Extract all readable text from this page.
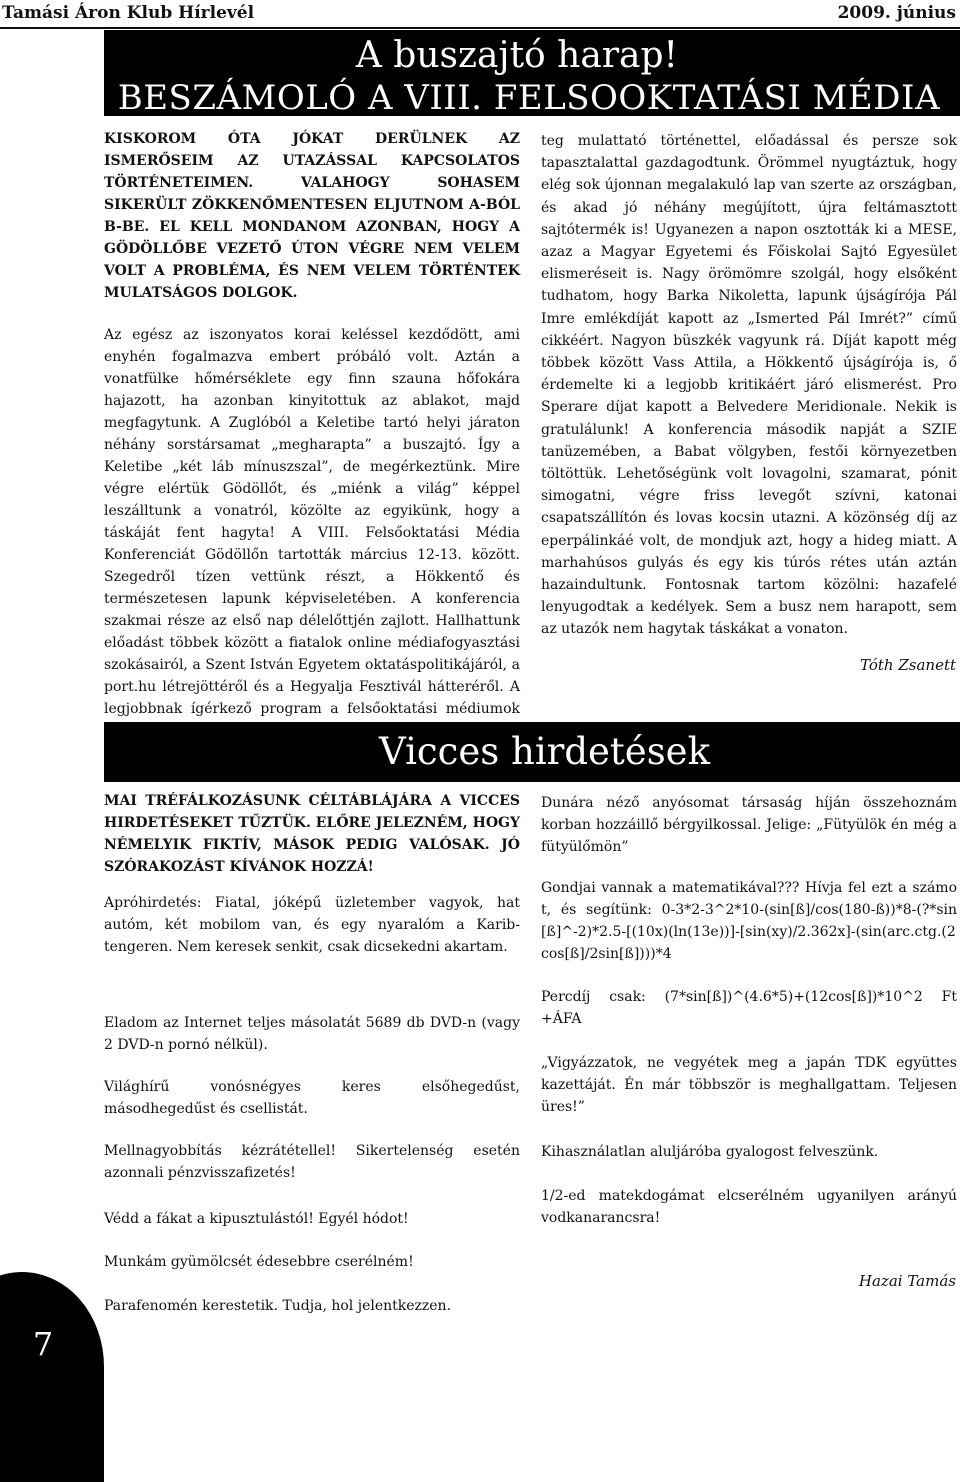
Tamási Áron Klub Hírlevél	2009. június
A buszajtó harap!
BESZÁMOLÓ A VIII. FELSOOKTATÁSI MÉDIA
KISKOROM ÓTA JÓKAT DERÜLNEK AZ ISMERŐSEIM AZ UTAZÁSSAL KAPCSOLATOS TÖRTÉNETEIMEN. VALAHOGY SOHASEM SIKERÜLT ZÖKKENŐMENTESEN ELJUTNOM A-BÓL B-BE. EL KELL MONDANOM AZONBAN, HOGY A GÖDÖLLŐBE VEZETŐ ÚTON VÉGRE NEM VELEM VOLT A PROBLÉMA, ÉS NEM VELEM TÖRTÉNTEK MULATSÁGOS DOLGOK.

Az egész az iszonyatos korai keléssel kezdődött, ami enyhén fogalmazva embert próbáló volt. Aztán a vonatfülke hőmérséklete egy finn szauna hőfokára hajazott, ha azonban kinyitottuk az ablakot, majd megfagytunk. A Zuglóból a Keletibe tartó helyi járaton néhány sorstársamat „megharapta” a buszajtó. Így a Keletibe „két láb mínuszszal”, de megérkeztünk. Mire végre elértük Gödöllőt, és „miénk a világ” képpel leszálltunk a vonatról, közölte az egyikünk, hogy a táskáját fent hagyta! A VIII. Felsőoktatási Média Konferenciát Gödöllőn tartották március 12-13. között. Szegedről tízen vettünk részt, a Hökkentő és természetesen lapunk képviseletében. A konferencia szakmai része az első nap délelőttjén zajlott. Hallhattunk előadást többek között a fiatalok online médiafogyasztási szokásairól, a Szent István Egyetem oktatáspolitikájáról, a port.hu létrejöttéről és a Hegyalja Fesztivál hátteréről. A legjobbnak ígérkező program a felsőoktatási médiumok

teg mulattató történettel, előadással és persze sok tapasztalattal gazdagodtunk. Örömmel nyugtáztuk, hogy elég sok újonnan megalakuló lap van szerte az országban, és akad jó néhány megújított, újra feltámasztott sajtótermék is! Ugyanezen a napon osztották ki a MESE, azaz a Magyar Egyetemi és Főiskolai Sajtó Egyesület elismeréseit is. Nagy örömömre szolgál, hogy elsőként tudhatom, hogy Barka Nikoletta, lapunk újságírója Pál Imre emlékdíját kapott az „Ismerted Pál Imrét?” című cikkéért. Nagyon büszkék vagyunk rá. Díját kapott még többek között Vass Attila, a Hökkentő újságírója is, ő érdemelte ki a legjobb kritikáért járó elismerést. Pro Sperare díjat kapott a Belvedere Meridionale. Nekik is gratulálunk! A konferencia második napját a SZIE tanüzemében, a Babat völgyben, festői környezetben töltöttük. Lehetőségünk volt lovagolni, szamarat, pónit simogatni, végre friss levegőt szívni, katonai csapatszállítón és lovas kocsin utazni. A közönség díj az eperpálinkáé volt, de mondjuk azt, hogy a hideg miatt. A marhahúsos gulyás és egy kis túrós rétes után aztán hazaindultunk. Fontosnak tartom közölni: hazafelé lenyugodtak a kedélyek. Sem a busz nem harapott, sem az utazók nem hagytak táskákat a vonaton.

Tóth Zsanett
Vicces hirdetések
MAI TRÉFÁLKOZÁSUNK CÉLTÁBLÁJÁRA A VICCES HIRDETÉSEKET TŰZTÜK. ELŐRE JELEZNÉM, HOGY NÉMELYIK FIKTÍV, MÁSOK PEDIG VALÓSAK. JÓ SZÓRAKOZÁST KÍVÁNOK HOZZÁ!

Apróhirdetés: Fiatal, jóképű üzletember vagyok, hat autóm, két mobilom van, és egy nyaralóm a Karib-tengeren. Nem keresek senkit, csak dicsekedni akartam.

Eladom az Internet teljes másolatát 5689 db DVD-n (vagy 2 DVD-n pornó nélkül).

Világhírű vonósnégyes keres elsőhegedűst, másodhegedűst és csellistát.

Mellnagyobbítás kézrátétellel! Sikertelenség esetén azonnali pénzvisszafizetés!

Védd a fákat a kipusztulástól! Egyél hódot!

Munkám gyümölcsét édesebbre cserélném!

Parafenomén kerestetik. Tudja, hol jelentkezzen.

Dunára néző anyósomat társaság híján összehoznám korban hozzáillő bérgyilkossal. Jelige: „Fütyülök én még a fütyülőmön”

Gondjai vannak a matematikával??? Hívja fel ezt a számot, és segítünk: 0-3*2-3^2*10-(sin[ß]/cos(180-ß))*8-(?*sin[ß]^-2)*2.5-[(10x)(ln(13e))]-[sin(xy)/2.362x]-(sin(arc.ctg.(2cos[ß]/2sin[ß])))*4

Percdíj csak: (7*sin[ß])^(4.6*5)+(12cos[ß])*10^2 Ft +ÁFA

„Vigyázzatok, ne vegyétek meg a japán TDK együttes kazettáját. Én már többször is meghallgattam. Teljesen üres!”

Kihasználatlan aluljáróba gyalogost felveszünk.

1/2-ed matekdogámat elcserélném ugyanilyen arányú vodkanarancsra!

Hazai Tamás
7
